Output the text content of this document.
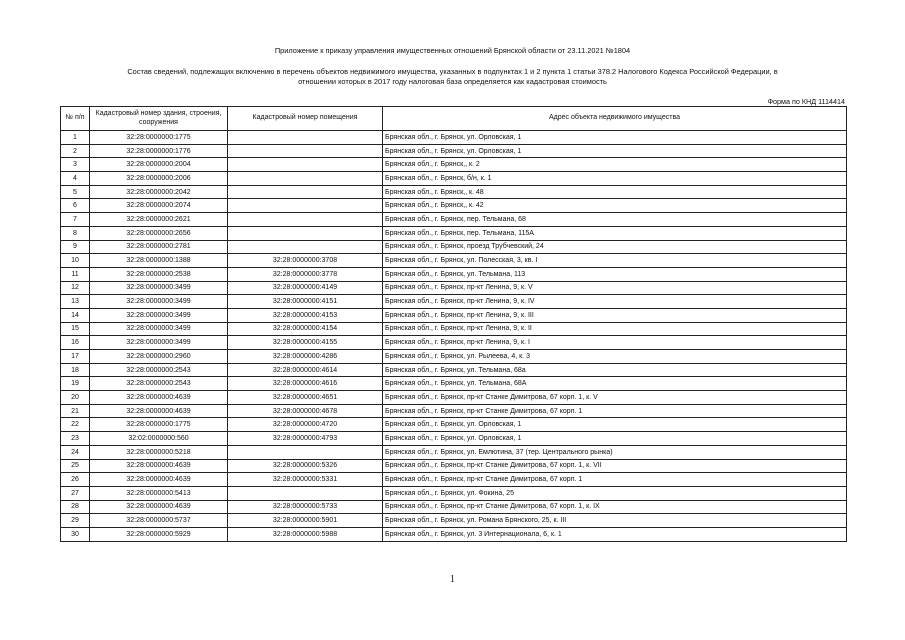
Приложение к приказу управления имущественных отношений Брянской области от 23.11.2021 №1804
Состав сведений, подлежащих включению в перечень объектов недвижимого имущества, указанных в подпунктах 1 и 2 пункта 1 статьи 378.2 Налогового Кодекса Российской Федерации, в
отношении которых в 2017 году налоговая база определяется как кадастровая стоимость
Форма по КНД 1114414
№ п/п	Кадастровый номер здания, строения, сооружения	Кадастровый номер помещения	Адрес объекта недвижимого имущества
1	32:28:0000000:1775		Брянская обл., г. Брянск, ул. Орловская, 1
2	32:28:0000000:1776		Брянская обл., г. Брянск, ул. Орловская, 1
3	32:28:0000000:2004		Брянская обл., г. Брянск,, к. 2
4	32:28:0000000:2006		Брянская обл., г. Брянск, б/н, к. 1
5	32:28:0000000:2042		Брянская обл., г. Брянск,, к. 48
6	32:28:0000000:2074		Брянская обл., г. Брянск,, к. 42
7	32:28:0000000:2621		Брянская обл., г. Брянск, пер. Тельмана, 68
8	32:28:0000000:2656		Брянская обл., г. Брянск, пер. Тельмана, 115А
9	32:28:0000000:2781		Брянская обл., г. Брянск, проезд Трубчевский, 24
10	32:28:0000000:1388	32:28:0000000:3708	Брянская обл., г. Брянск, ул. Полесская, 3, кв. I
11	32:28:0000000:2538	32:28:0000000:3778	Брянская обл., г. Брянск, ул. Тельмана, 113
12	32:28:0000000:3499	32:28:0000000:4149	Брянская обл., г. Брянск, пр-кт Ленина, 9, к. V
13	32:28:0000000:3499	32:28:0000000:4151	Брянская обл., г. Брянск, пр-кт Ленина, 9, к. IV
14	32:28:0000000:3499	32:28:0000000:4153	Брянская обл., г. Брянск, пр-кт Ленина, 9, к. III
15	32:28:0000000:3499	32:28:0000000:4154	Брянская обл., г. Брянск, пр-кт Ленина, 9, к. II
16	32:28:0000000:3499	32:28:0000000:4155	Брянская обл., г. Брянск, пр-кт Ленина, 9, к. I
17	32:28:0000000:2960	32:28:0000000:4286	Брянская обл., г. Брянск, ул. Рылеева, 4, к. 3
18	32:28:0000000:2543	32:28:0000000:4614	Брянская обл., г. Брянск, ул. Тельмана, 68а
19	32:28:0000000:2543	32:28:0000000:4616	Брянская обл., г. Брянск, ул. Тельмана, 68А
20	32:28:0000000:4639	32:28:0000000:4651	Брянская обл., г. Брянск, пр-кт Станке Димитрова, 67 корп. 1, к. V
21	32:28:0000000:4639	32:28:0000000:4678	Брянская обл., г. Брянск, пр-кт Станке Димитрова, 67 корп. 1
22	32:28:0000000:1775	32:28:0000000:4720	Брянская обл., г. Брянск, ул. Орловская, 1
23	32:02:0000000:560	32:28:0000000:4793	Брянская обл., г. Брянск, ул. Орловская, 1
24	32:28:0000000:5218		Брянская обл., г. Брянск, ул. Емлютина, 37 (тер. Центрального рынка)
25	32:28:0000000:4639	32:28:0000000:5326	Брянская обл., г. Брянск, пр-кт Станке Димитрова, 67 корп. 1, к. VII
26	32:28:0000000:4639	32:28:0000000:5331	Брянская обл., г. Брянск, пр-кт Станке Димитрова, 67 корп. 1
27	32:28:0000000:5413		Брянская обл., г. Брянск, ул. Фокина, 25
28	32:28:0000000:4639	32:28:0000000:5733	Брянская обл., г. Брянск, пр-кт Станке Димитрова, 67 корп. 1, к. IX
29	32:28:0000000:5737	32:28:0000000:5901	Брянская обл., г. Брянск, ул. Романа Брянского, 25, к. III
30	32:28:0000000:5929	32:28:0000000:5988	Брянская обл., г. Брянск, ул. 3 Интернационала, 6, к. 1
1
